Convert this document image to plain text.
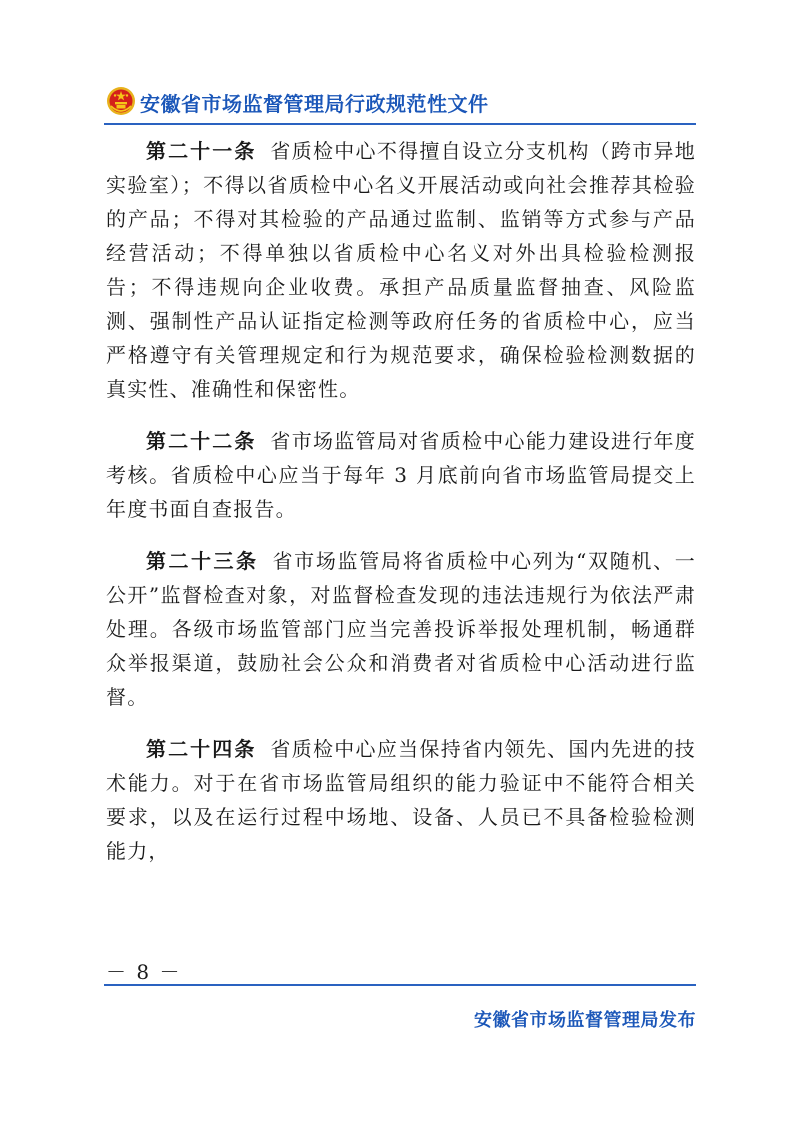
安徽省市场监督管理局行政规范性文件

第二十一条 省质检中心不得擅自设立分支机构（跨市异地实验室）；不得以省质检中心名义开展活动或向社会推荐其检验的产品；不得对其检验的产品通过监制、监销等方式参与产品经营活动；不得单独以省质检中心名义对外出具检验检测报告；不得违规向企业收费。承担产品质量监督抽查、风险监测、强制性产品认证指定检测等政府任务的省质检中心，应当严格遵守有关管理规定和行为规范要求，确保检验检测数据的真实性、准确性和保密性。

第二十二条 省市场监管局对省质检中心能力建设进行年度考核。省质检中心应当于每年 3 月底前向省市场监管局提交上年度书面自查报告。

第二十三条 省市场监管局将省质检中心列为“双随机、一公开”监督检查对象，对监督检查发现的违法违规行为依法严肃处理。各级市场监管部门应当完善投诉举报处理机制，畅通群众举报渠道，鼓励社会公众和消费者对省质检中心活动进行监督。

第二十四条 省质检中心应当保持省内领先、国内先进的技术能力。对于在省市场监管局组织的能力验证中不能符合相关要求，以及在运行过程中场地、设备、人员已不具备检验检测能力，

－ 8 －
安徽省市场监督管理局发布
